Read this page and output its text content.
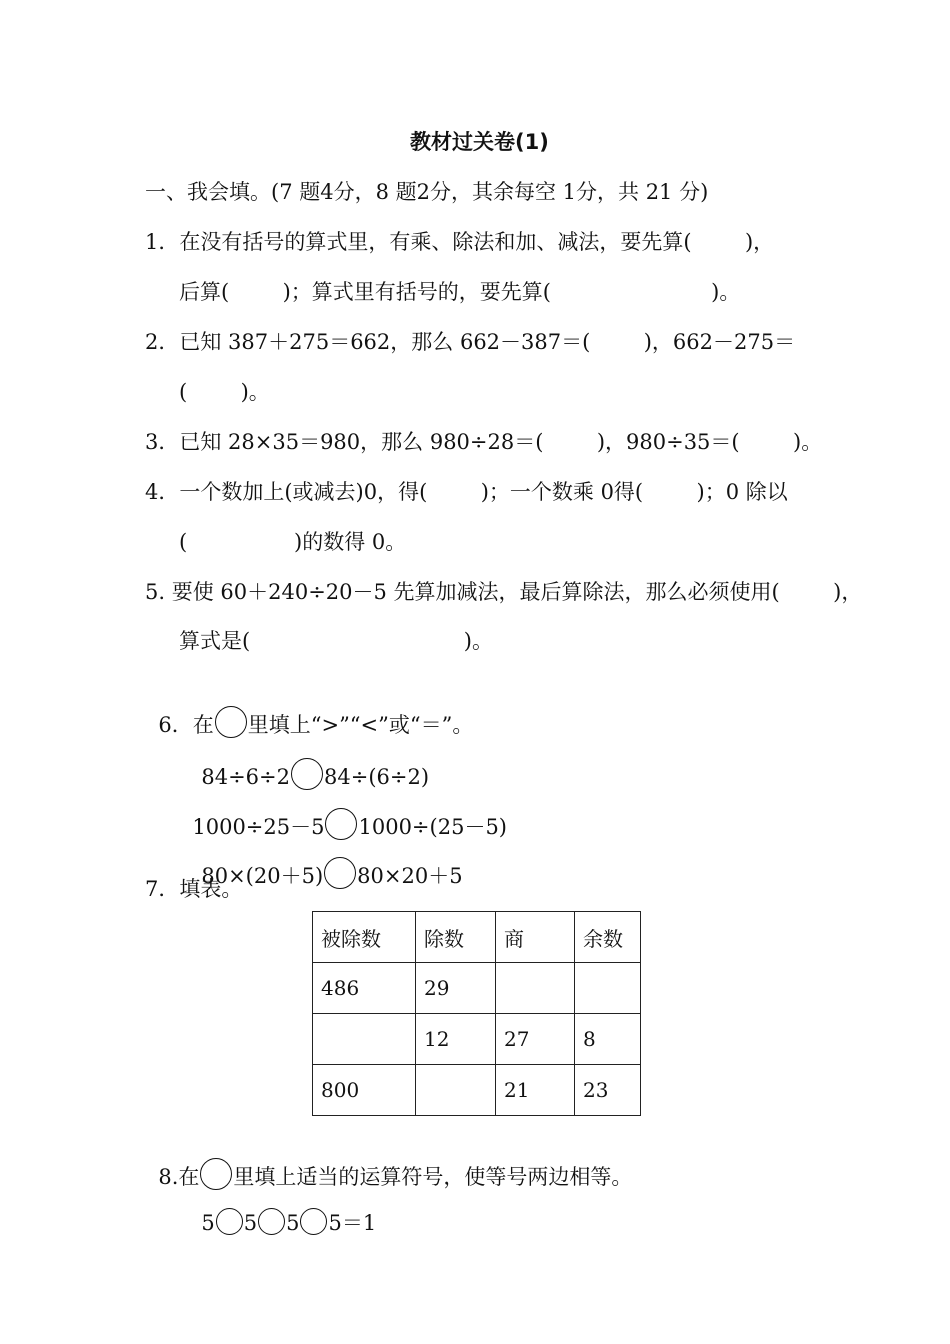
教材过关卷(1)
一、我会填。(7 题4分，8 题2分，其余每空 1分，共 21 分)
1．在没有括号的算式里，有乘、除法和加、减法，要先算(        )，
后算(        )；算式里有括号的，要先算(                        )。
2．已知 387＋275＝662，那么 662－387＝(        )，662－275＝
(        )。
3．已知 28×35＝980，那么 980÷28＝(        )，980÷35＝(        )。
4．一个数加上(或减去)0，得(        )；一个数乘 0得(        )；0 除以
(                )的数得 0。
5. 要使 60＋240÷20－5 先算加减法，最后算除法，那么必须使用(        )，
算式是(                                )。

6．在 里填上“>”“<”或“＝”。

84÷6÷2 84÷(6÷2)

1000÷25－5 1000÷(25－5)

80×(20＋5) 80×20＋5

7．填表。
被除数	除数	商	余数
486	29		
	12	27	8
800		21	23

8.在 里填上适当的运算符号，使等号两边相等。

5 5 5 5＝1
